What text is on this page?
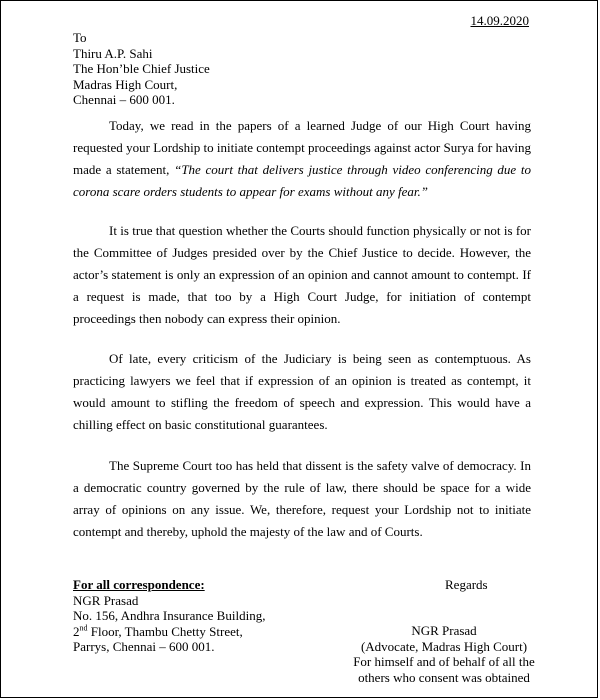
14.09.2020
To
Thiru A.P. Sahi
The Hon’ble Chief Justice
Madras High Court,
Chennai – 600 001.

Today, we read in the papers of a learned Judge of our High Court having requested your Lordship to initiate contempt proceedings against actor Surya for having made a statement, “The court that delivers justice through video conferencing due to corona scare orders students to appear for exams without any fear.”

It is true that question whether the Courts should function physically or not is for the Committee of Judges presided over by the Chief Justice to decide. However, the actor’s statement is only an expression of an opinion and cannot amount to contempt. If a request is made, that too by a High Court Judge, for initiation of contempt proceedings then nobody can express their opinion.

Of late, every criticism of the Judiciary is being seen as contemptuous. As practicing lawyers we feel that if expression of an opinion is treated as contempt, it would amount to stifling the freedom of speech and expression. This would have a chilling effect on basic constitutional guarantees.

The Supreme Court too has held that dissent is the safety valve of democracy. In a democratic country governed by the rule of law, there should be space for a wide array of opinions on any issue. We, therefore, request your Lordship not to initiate contempt and thereby, uphold the majesty of the law and of Courts.

For all correspondence:
NGR Prasad
No. 156, Andhra Insurance Building,
2nd Floor, Thambu Chetty Street,
Parrys, Chennai – 600 001.
Regards
NGR Prasad
(Advocate, Madras High Court)
For himself and of behalf of all the
others who consent was obtained
